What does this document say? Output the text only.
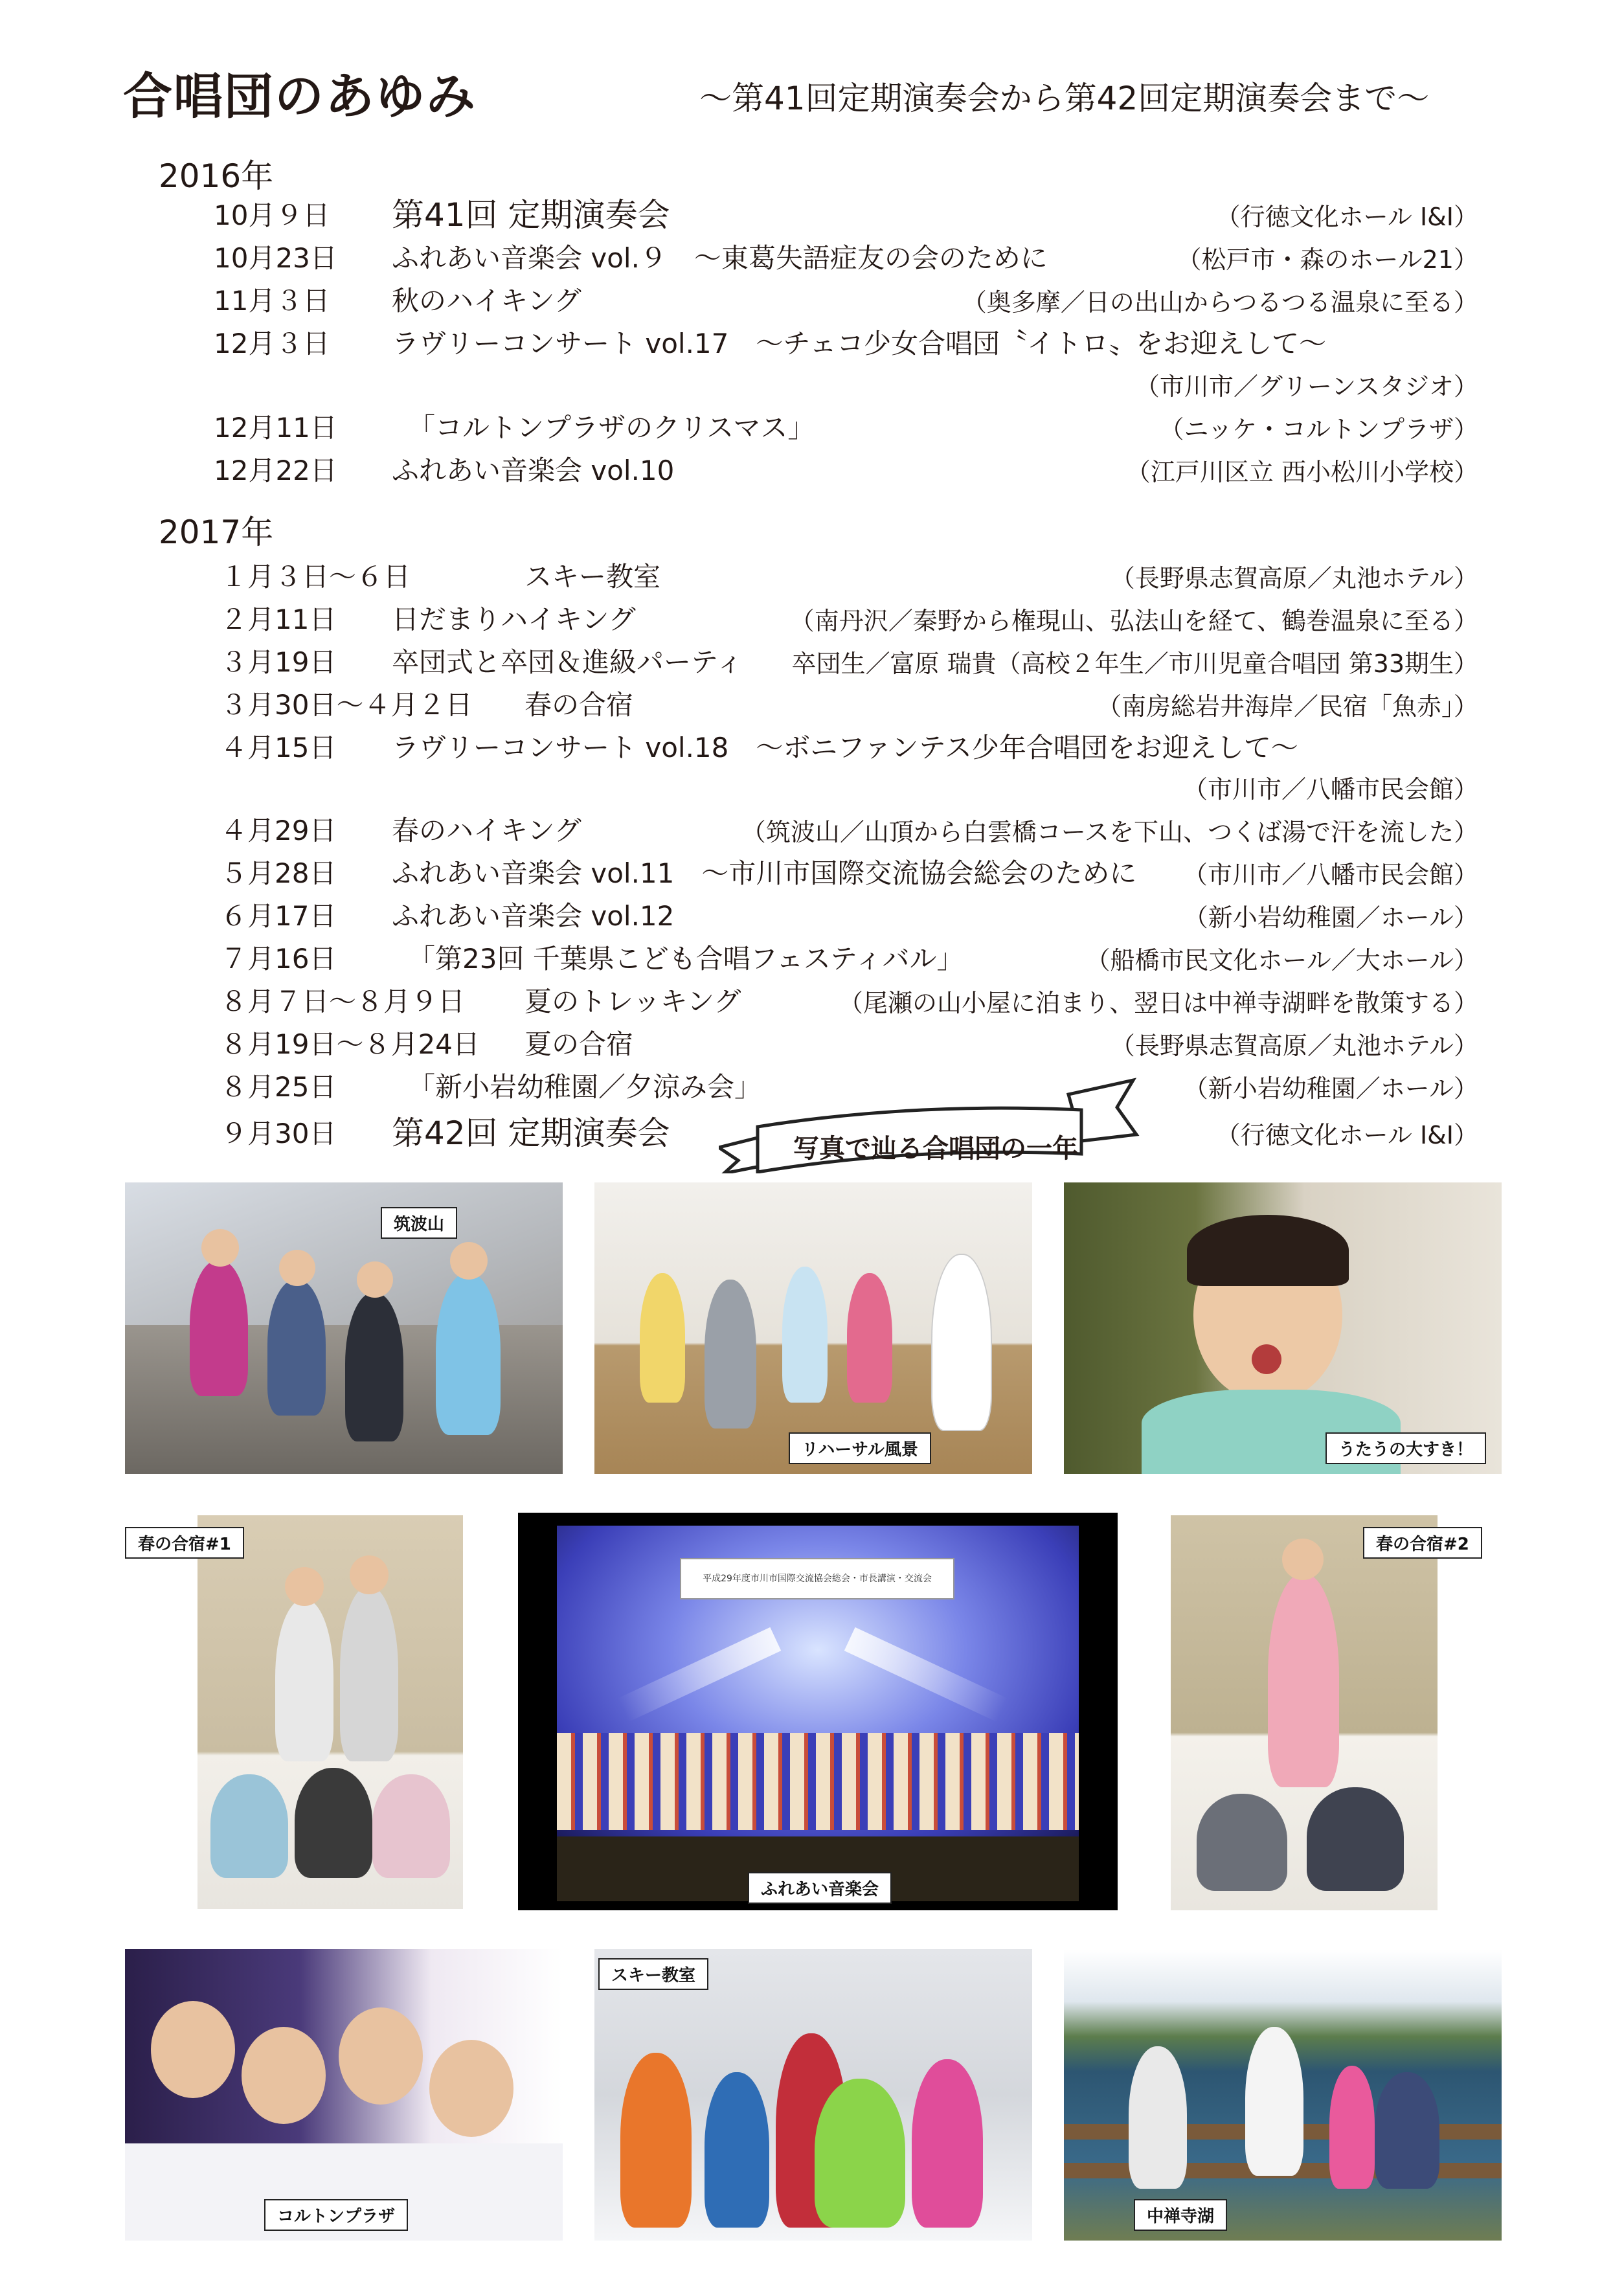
合唱団のあゆみ	～第41回定期演奏会から第42回定期演奏会まで～
2016年
10月９日 第41回 定期演奏会	（行徳文化ホール I&I）
10月23日 ふれあい音楽会 vol.９　～東葛失語症友の会のために	（松戸市・森のホール21）
11月３日 秋のハイキング	（奥多摩／日の出山からつるつる温泉に至る）
12月３日 ラヴリーコンサート vol.17　～チェコ少女合唱団〝イトロ〟をお迎えして～
（市川市／グリーンスタジオ）
12月11日	「コルトンプラザのクリスマス」	（ニッケ・コルトンプラザ）
12月22日 ふれあい音楽会 vol.10	（江戸川区立 西小松川小学校）
2017年
１月３日～６日	スキー教室	（長野県志賀高原／丸池ホテル）
２月11日 日だまりハイキング	（南丹沢／秦野から権現山、弘法山を経て、鶴巻温泉に至る）
３月19日 卒団式と卒団＆進級パーティ 卒団生／富原 瑞貴（高校２年生／市川児童合唱団 第33期生）
３月30日～４月２日 春の合宿	（南房総岩井海岸／民宿「魚赤」）
４月15日 ラヴリーコンサート vol.18　～ボニファンテス少年合唱団をお迎えして～
（市川市／八幡市民会館）
４月29日 春のハイキング	（筑波山／山頂から白雲橋コースを下山、つくば湯で汗を流した）
５月28日 ふれあい音楽会 vol.11　～市川市国際交流協会総会のために （市川市／八幡市民会館）
６月17日 ふれあい音楽会 vol.12	（新小岩幼稚園／ホール）
７月16日	「第23回 千葉県こども合唱フェスティバル」	（船橋市民文化ホール／大ホール）
８月７日～８月９日 夏のトレッキング	（尾瀬の山小屋に泊まり、翌日は中禅寺湖畔を散策する）
８月19日～８月24日 夏の合宿	（長野県志賀高原／丸池ホテル）
８月25日	「新小岩幼稚園／夕涼み会」	（新小岩幼稚園／ホール）
９月30日 第42回 定期演奏会	（行徳文化ホール I&I）
写真で辿る合唱団の一年
筑波山
リハーサル風景	うたうの大すき！
春の合宿#1
平成29年度市川市国際交流協会総会・市長講演・交流会
ふれあい音楽会
春の合宿#2
コルトンプラザ
スキー教室
中禅寺湖
